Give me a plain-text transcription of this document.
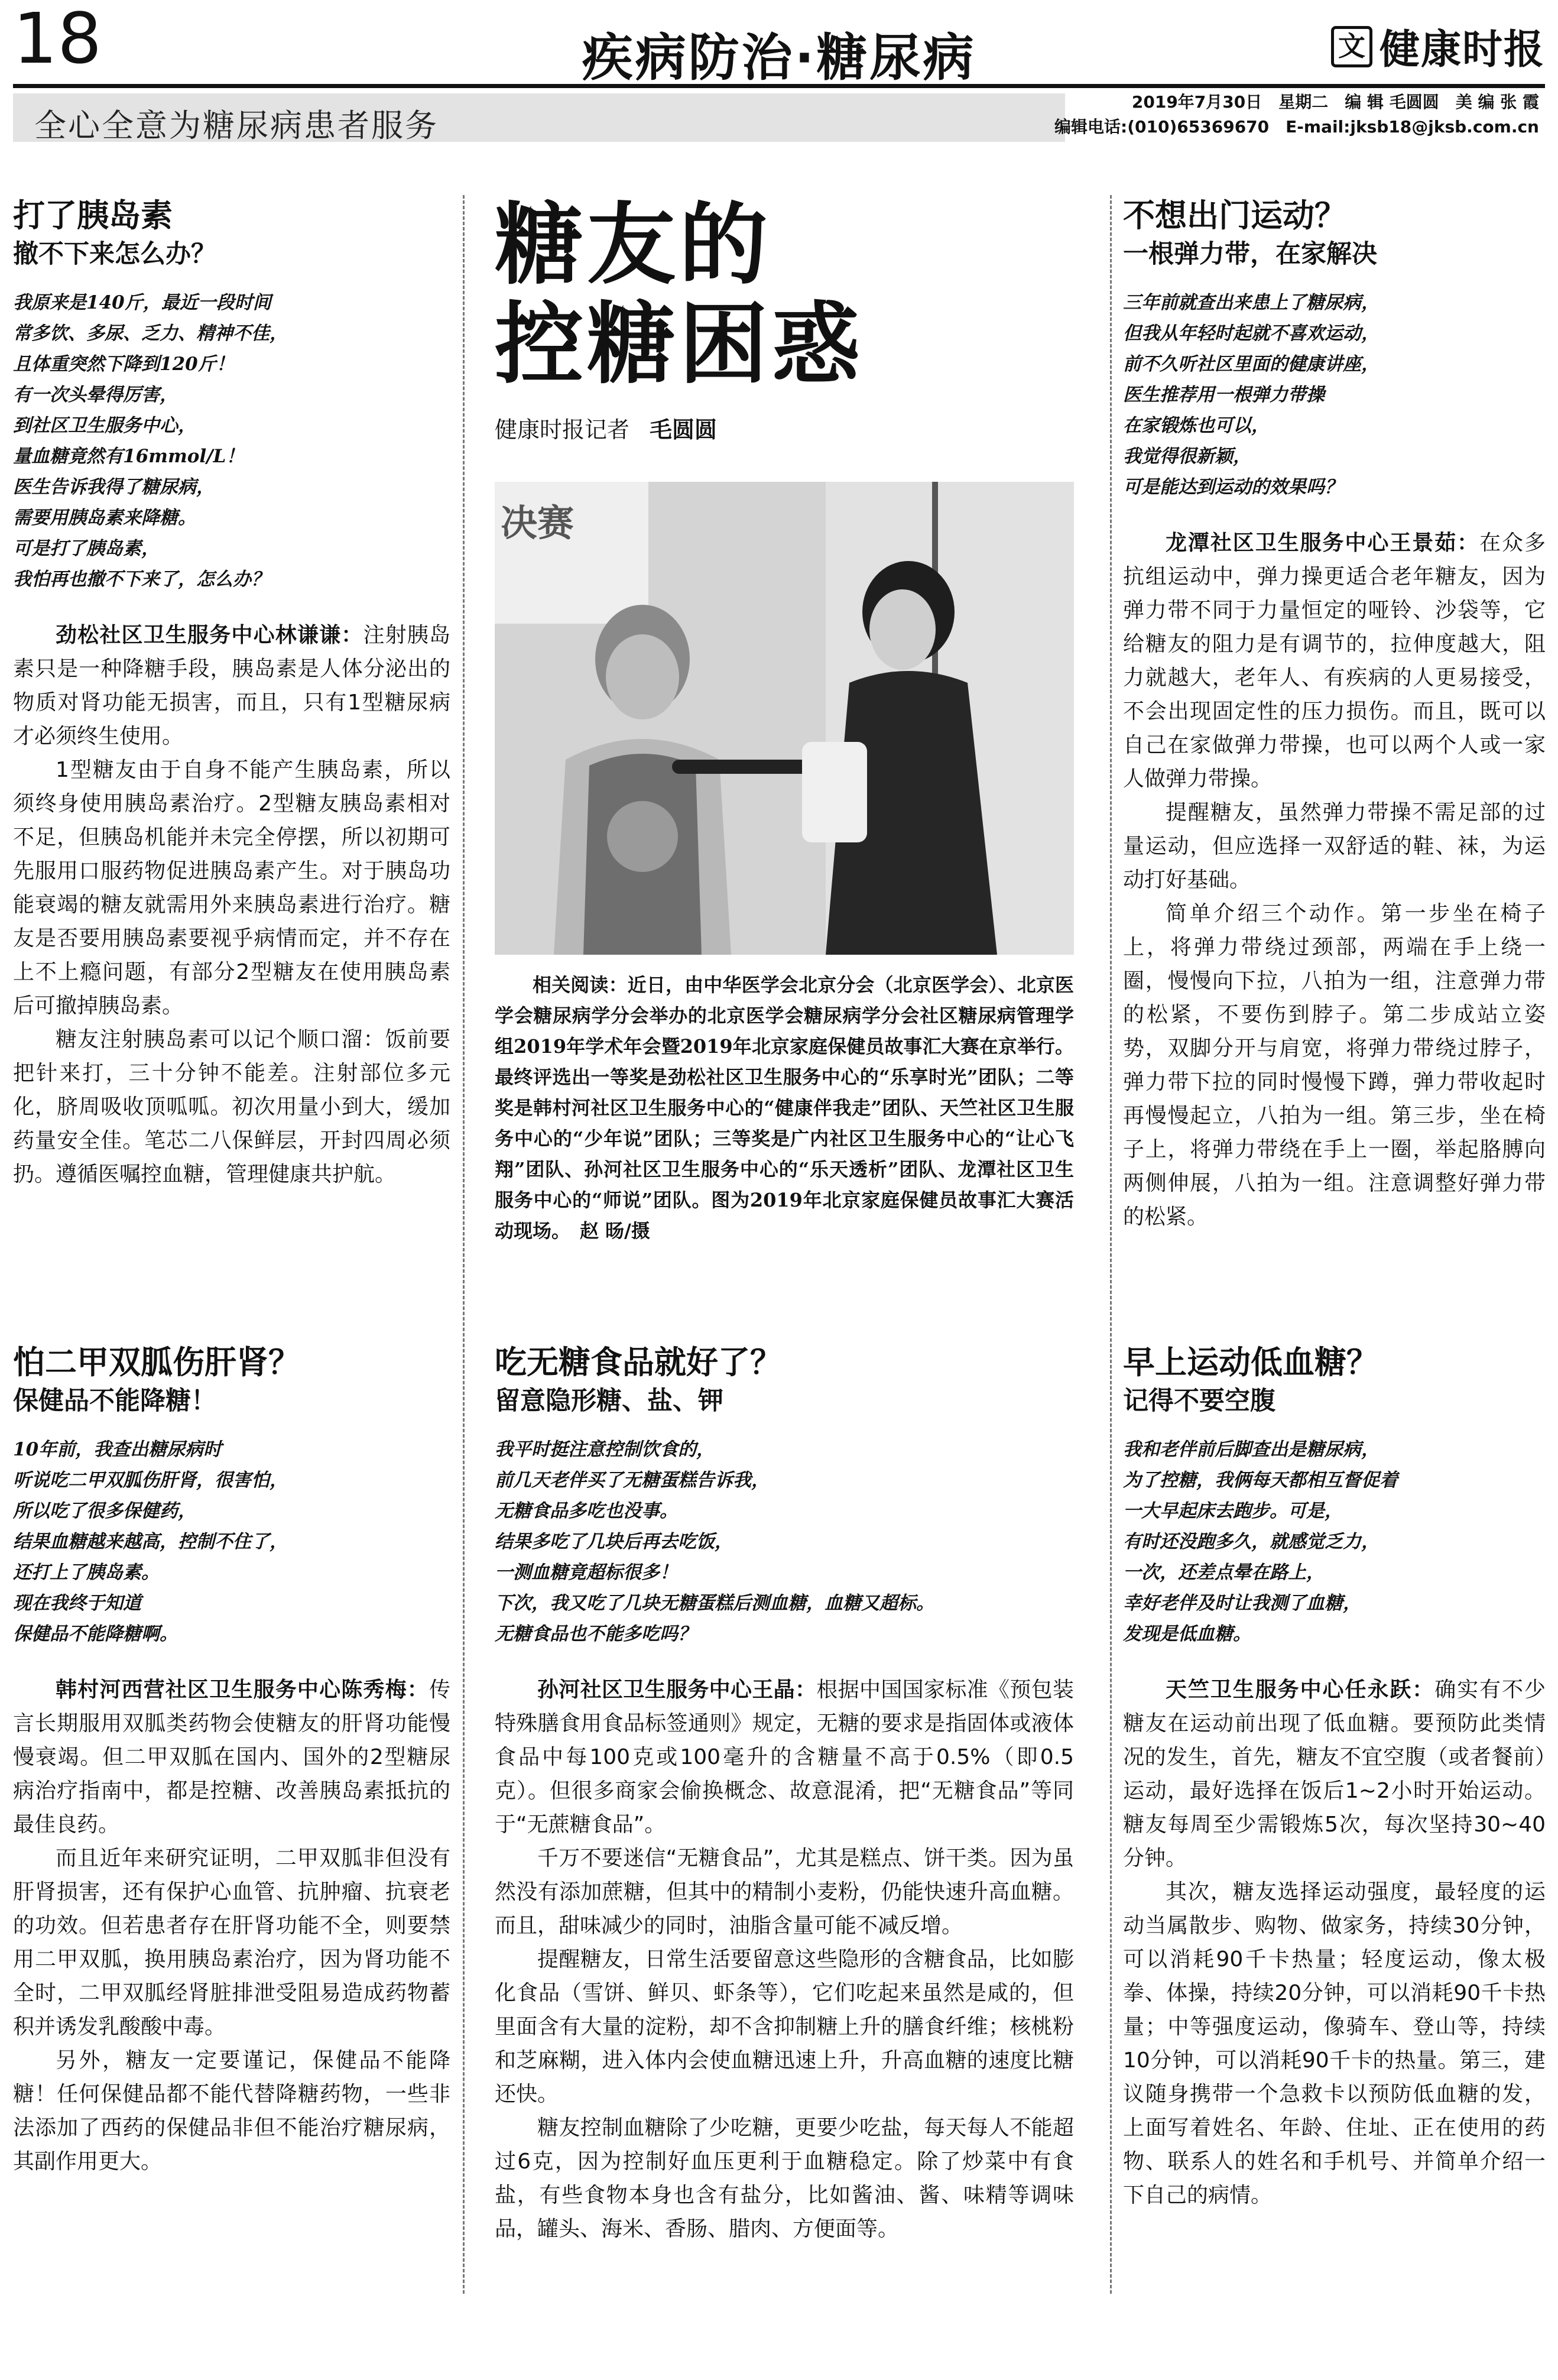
18	疾病防治·糖尿病	文 健康时报
全心全意为糖尿病患者服务
2019年7月30日　星期二　编 辑 毛圆圆　美 编 张 霞
编辑电话:(010)65369670　E-mail:jksb18@jksb.com.cn
打了胰岛素
撤不下来怎么办？

我原来是140斤，最近一段时间

常多饮、多尿、乏力、精神不佳，

且体重突然下降到120斤！

有一次头晕得厉害，

到社区卫生服务中心，

量血糖竟然有16mmol/L！

医生告诉我得了糖尿病，

需要用胰岛素来降糖。

可是打了胰岛素，

我怕再也撤不下来了，怎么办？

劲松社区卫生服务中心林谦谦：注射胰岛素只是一种降糖手段，胰岛素是人体分泌出的物质对肾功能无损害，而且，只有1型糖尿病才必须终生使用。

1型糖友由于自身不能产生胰岛素，所以须终身使用胰岛素治疗。2型糖友胰岛素相对不足，但胰岛机能并未完全停摆，所以初期可先服用口服药物促进胰岛素产生。对于胰岛功能衰竭的糖友就需用外来胰岛素进行治疗。糖友是否要用胰岛素要视乎病情而定，并不存在上不上瘾问题，有部分2型糖友在使用胰岛素后可撤掉胰岛素。

糖友注射胰岛素可以记个顺口溜：饭前要把针来打，三十分钟不能差。注射部位多元化，脐周吸收顶呱呱。初次用量小到大，缓加药量安全佳。笔芯二八保鲜层，开封四周必须扔。遵循医嘱控血糖，管理健康共护航。

怕二甲双胍伤肝肾？
保健品不能降糖！

10年前，我查出糖尿病时

听说吃二甲双胍伤肝肾，很害怕，

所以吃了很多保健药，

结果血糖越来越高，控制不住了，

还打上了胰岛素。

现在我终于知道

保健品不能降糖啊。

韩村河西营社区卫生服务中心陈秀梅：传言长期服用双胍类药物会使糖友的肝肾功能慢慢衰竭。但二甲双胍在国内、国外的2型糖尿病治疗指南中，都是控糖、改善胰岛素抵抗的最佳良药。

而且近年来研究证明，二甲双胍非但没有肝肾损害，还有保护心血管、抗肿瘤、抗衰老的功效。但若患者存在肝肾功能不全，则要禁用二甲双胍，换用胰岛素治疗，因为肾功能不全时，二甲双胍经肾脏排泄受阻易造成药物蓄积并诱发乳酸酸中毒。

另外，糖友一定要谨记，保健品不能降糖！任何保健品都不能代替降糖药物，一些非法添加了西药的保健品非但不能治疗糖尿病，其副作用更大。

糖友的
控糖困惑
健康时报记者 毛圆圆
决赛

相关阅读：近日，由中华医学会北京分会（北京医学会）、北京医学会糖尿病学分会举办的北京医学会糖尿病学分会社区糖尿病管理学组2019年学术年会暨2019年北京家庭保健员故事汇大赛在京举行。最终评选出一等奖是劲松社区卫生服务中心的“乐享时光”团队；二等奖是韩村河社区卫生服务中心的“健康伴我走”团队、天竺社区卫生服务中心的“少年说”团队；三等奖是广内社区卫生服务中心的“让心飞翔”团队、孙河社区卫生服务中心的“乐天透析”团队、龙潭社区卫生服务中心的“师说”团队。图为2019年北京家庭保健员故事汇大赛活动现场。　 赵 旸/摄

吃无糖食品就好了？
留意隐形糖、盐、钾

我平时挺注意控制饮食的，

前几天老伴买了无糖蛋糕告诉我，

无糖食品多吃也没事。

结果多吃了几块后再去吃饭，

一测血糖竟超标很多！

下次，我又吃了几块无糖蛋糕后测血糖，血糖又超标。

无糖食品也不能多吃吗？

孙河社区卫生服务中心王晶：根据中国国家标准《预包装特殊膳食用食品标签通则》规定，无糖的要求是指固体或液体食品中每100克或100毫升的含糖量不高于0.5%（即0.5克）。但很多商家会偷换概念、故意混淆，把“无糖食品”等同于“无蔗糖食品”。

千万不要迷信“无糖食品”，尤其是糕点、饼干类。因为虽然没有添加蔗糖，但其中的精制小麦粉，仍能快速升高血糖。而且，甜味减少的同时，油脂含量可能不减反增。

提醒糖友，日常生活要留意这些隐形的含糖食品，比如膨化食品（雪饼、鲜贝、虾条等），它们吃起来虽然是咸的，但里面含有大量的淀粉，却不含抑制糖上升的膳食纤维；核桃粉和芝麻糊，进入体内会使血糖迅速上升，升高血糖的速度比糖还快。

糖友控制血糖除了少吃糖，更要少吃盐，每天每人不能超过6克，因为控制好血压更利于血糖稳定。除了炒菜中有食盐，有些食物本身也含有盐分，比如酱油、酱、味精等调味品，罐头、海米、香肠、腊肉、方便面等。

不想出门运动？
一根弹力带，在家解决

三年前就查出来患上了糖尿病，

但我从年轻时起就不喜欢运动，

前不久听社区里面的健康讲座，

医生推荐用一根弹力带操

在家锻炼也可以，

我觉得很新颖，

可是能达到运动的效果吗？

龙潭社区卫生服务中心王景茹：在众多抗组运动中，弹力操更适合老年糖友，因为弹力带不同于力量恒定的哑铃、沙袋等，它给糖友的阻力是有调节的，拉伸度越大，阻力就越大，老年人、有疾病的人更易接受，不会出现固定性的压力损伤。而且，既可以自己在家做弹力带操，也可以两个人或一家人做弹力带操。

提醒糖友，虽然弹力带操不需足部的过量运动，但应选择一双舒适的鞋、袜，为运动打好基础。

简单介绍三个动作。第一步坐在椅子上，将弹力带绕过颈部，两端在手上绕一圈，慢慢向下拉，八拍为一组，注意弹力带的松紧，不要伤到脖子。第二步成站立姿势，双脚分开与肩宽，将弹力带绕过脖子，弹力带下拉的同时慢慢下蹲，弹力带收起时再慢慢起立，八拍为一组。第三步，坐在椅子上，将弹力带绕在手上一圈，举起胳膊向两侧伸展，八拍为一组。注意调整好弹力带的松紧。

早上运动低血糖？
记得不要空腹

我和老伴前后脚查出是糖尿病，

为了控糖，我俩每天都相互督促着

一大早起床去跑步。可是，

有时还没跑多久，就感觉乏力，

一次，还差点晕在路上，

幸好老伴及时让我测了血糖，

发现是低血糖。

天竺卫生服务中心任永跃：确实有不少糖友在运动前出现了低血糖。要预防此类情况的发生，首先，糖友不宜空腹（或者餐前）运动，最好选择在饭后1~2小时开始运动。糖友每周至少需锻炼5次，每次坚持30~40分钟。

其次，糖友选择运动强度，最轻度的运动当属散步、购物、做家务，持续30分钟，可以消耗90千卡热量；轻度运动，像太极拳、体操，持续20分钟，可以消耗90千卡热量；中等强度运动，像骑车、登山等，持续10分钟，可以消耗90千卡的热量。第三，建议随身携带一个急救卡以预防低血糖的发，上面写着姓名、年龄、住址、正在使用的药物、联系人的姓名和手机号、并简单介绍一下自己的病情。
